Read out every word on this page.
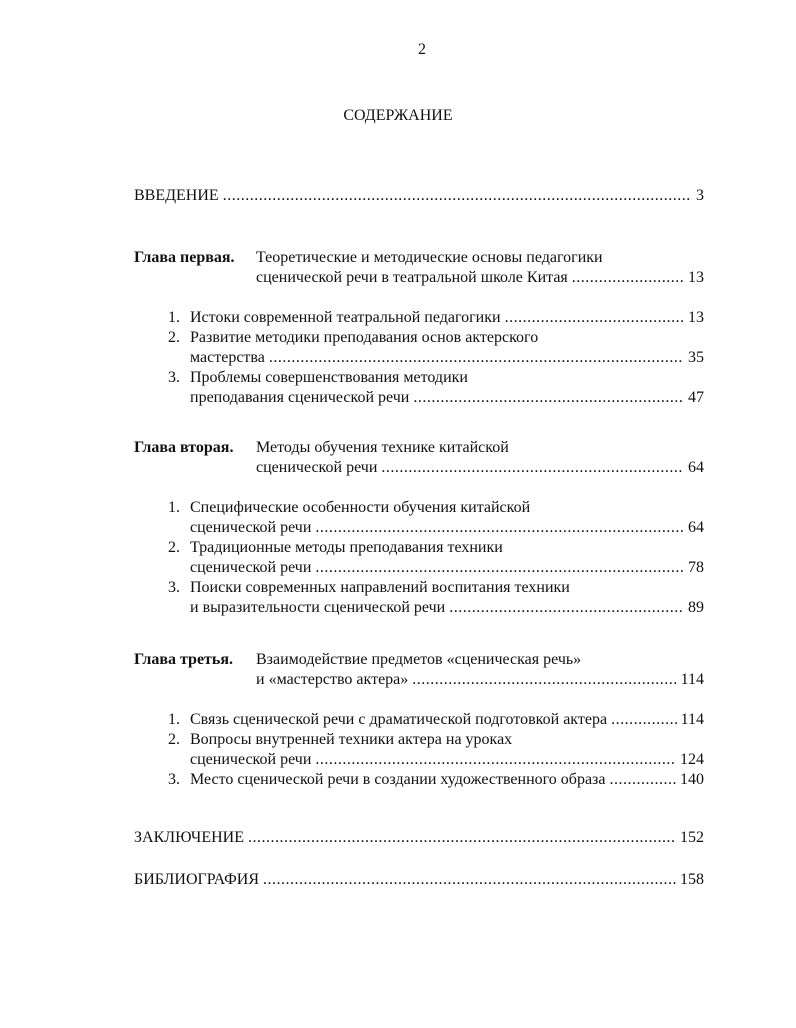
2
СОДЕРЖАНИЕ
ВВЕДЕНИЕ .....	3
Глава первая. Теоретические и методические основы педагогики
сценической речи в театральной школе Китая .....	13
1. Истоки современной театральной педагогики .....	13
2. Развитие методики преподавания основ актерского
мастерства .....	35
3. Проблемы совершенствования методики
преподавания сценической речи .....	47
Глава вторая. Методы обучения технике китайской
сценической речи .....	64
1. Специфические особенности обучения китайской
сценической речи .....	64
2. Традиционные методы преподавания техники
сценической речи .....	78
3. Поиски современных направлений воспитания техники
и выразительности сценической речи .....	89
Глава третья. Взаимодействие предметов «сценическая речь»
и «мастерство актера» .....	114
1. Связь сценической речи с драматической подготовкой актера .....	114
2. Вопросы внутренней техники актера на уроках
сценической речи .....	124
3. Место сценической речи в создании художественного образа .....	140
ЗАКЛЮЧЕНИЕ .....	152
БИБЛИОГРАФИЯ .....	158
